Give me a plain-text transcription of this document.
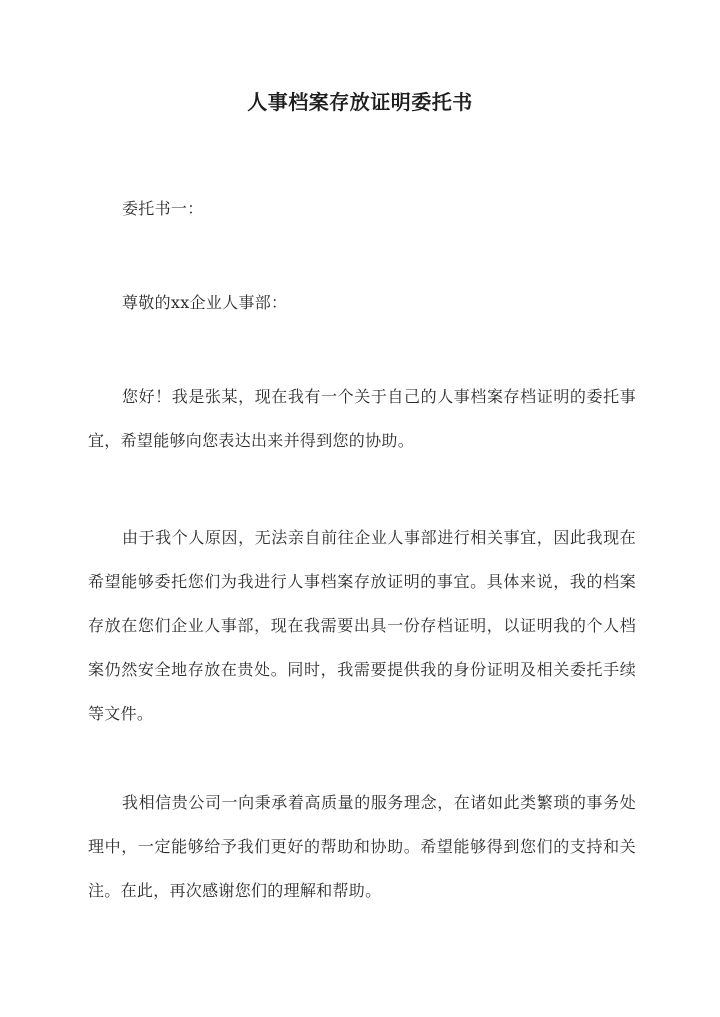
人事档案存放证明委托书
委托书一：
尊敬的xx企业人事部：
您好！我是张某，现在我有一个关于自己的人事档案存档证明的委托事宜，希望能够向您表达出来并得到您的协助。
由于我个人原因，无法亲自前往企业人事部进行相关事宜，因此我现在希望能够委托您们为我进行人事档案存放证明的事宜。具体来说，我的档案存放在您们企业人事部，现在我需要出具一份存档证明，以证明我的个人档案仍然安全地存放在贵处。同时，我需要提供我的身份证明及相关委托手续等文件。
我相信贵公司一向秉承着高质量的服务理念，在诸如此类繁琐的事务处理中，一定能够给予我们更好的帮助和协助。希望能够得到您们的支持和关注。在此，再次感谢您们的理解和帮助。
